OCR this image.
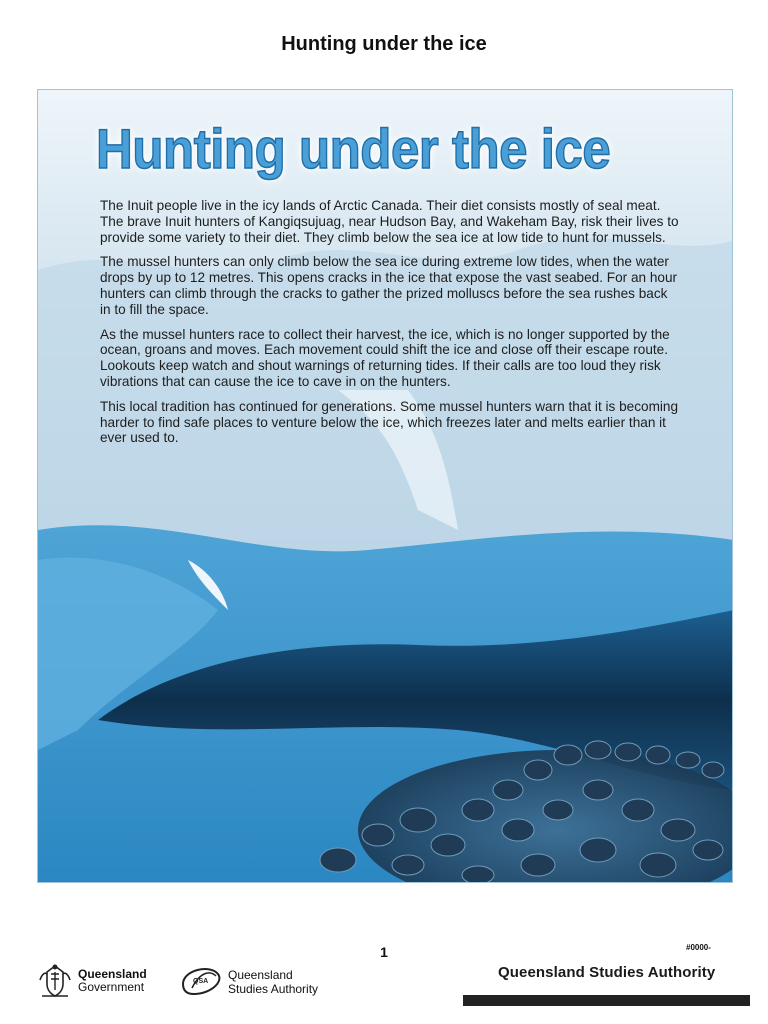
Hunting under the ice
Hunting under the ice

The Inuit people live in the icy lands of Arctic Canada. Their diet consists mostly of seal meat. The brave Inuit hunters of Kangiqsujuag, near Hudson Bay, and Wakeham Bay, risk their lives to provide some variety to their diet. They climb below the sea ice at low tide to hunt for mussels.

The mussel hunters can only climb below the sea ice during extreme low tides, when the water drops by up to 12 metres. This opens cracks in the ice that expose the vast seabed. For an hour hunters can climb through the cracks to gather the prized molluscs before the sea rushes back in to fill the space.

As the mussel hunters race to collect their harvest, the ice, which is no longer supported by the ocean, groans and moves. Each movement could shift the ice and close off their escape route. Lookouts keep watch and shout warnings of returning tides. If their calls are too loud they risk vibrations that can cause the ice to cave in on the hunters.

This local tradition has continued for generations. Some mussel hunters warn that it is becoming harder to find safe places to venture below the ice, which freezes later and melts earlier than it ever used to.

1	#0000-
Queensland
Government	QSA Queensland
Studies Authority
Queensland Studies Authority
